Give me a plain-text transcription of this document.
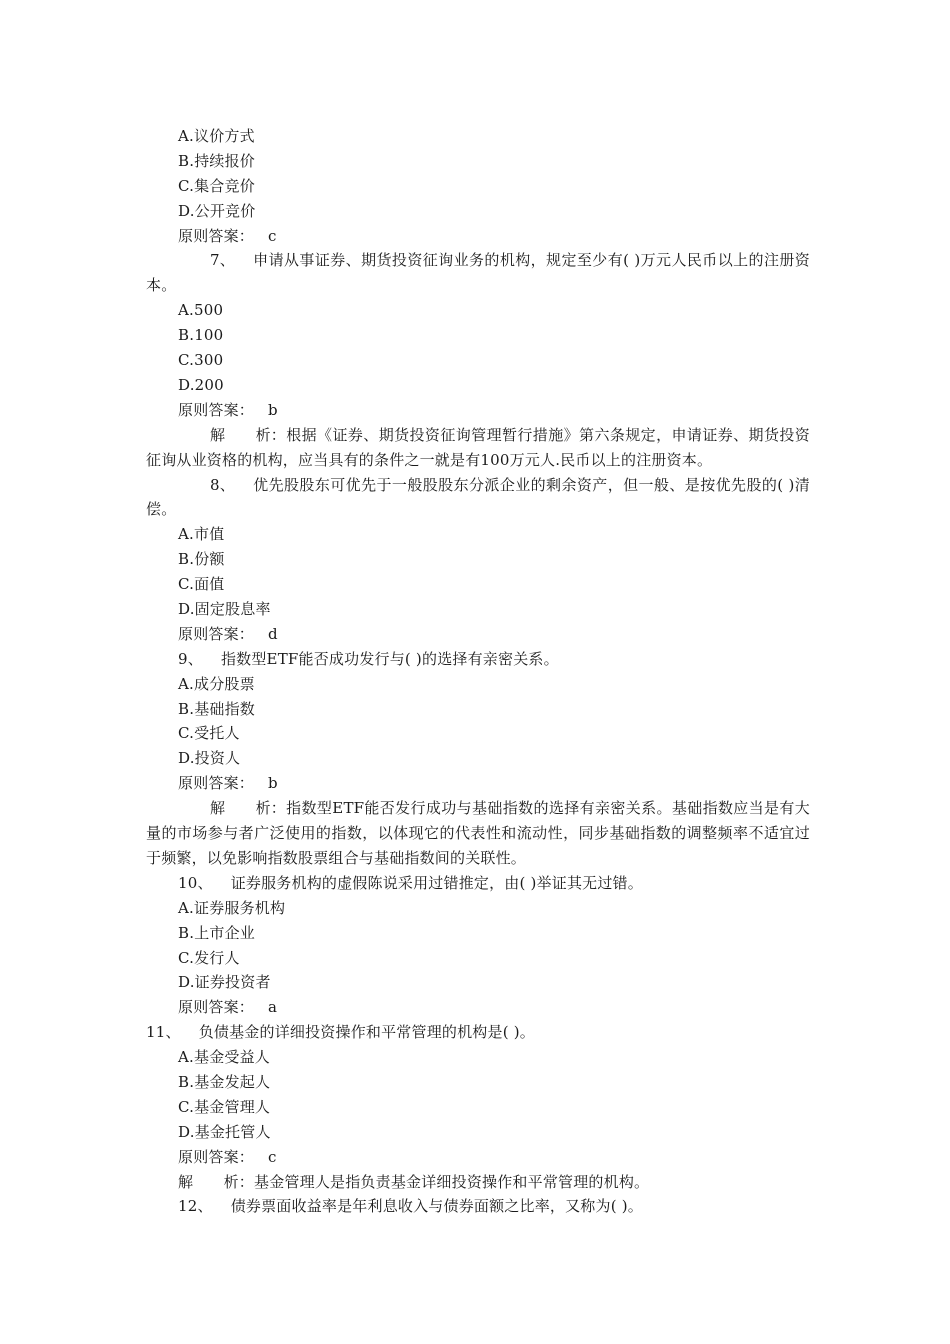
A.议价方式
B.持续报价
C.集合竞价
D.公开竞价
原则答案： c
7、 申请从事证券、期货投资征询业务的机构，规定至少有( )万元人民币以上的注册资本。
A.500
B.100
C.300
D.200
原则答案： b
解　　析：根据《证券、期货投资征询管理暂行措施》第六条规定，申请证券、期货投资征询从业资格的机构，应当具有的条件之一就是有100万元人.民币以上的注册资本。
8、 优先股股东可优先于一般股股东分派企业的剩余资产，但一般、是按优先股的( )清偿。
A.市值
B.份额
C.面值
D.固定股息率
原则答案： d
9、 指数型ETF能否成功发行与( )的选择有亲密关系。
A.成分股票
B.基础指数
C.受托人
D.投资人
原则答案： b
解　　析：指数型ETF能否发行成功与基础指数的选择有亲密关系。基础指数应当是有大量的市场参与者广泛使用的指数，以体现它的代表性和流动性，同步基础指数的调整频率不适宜过于频繁，以免影响指数股票组合与基础指数间的关联性。
10、 证券服务机构的虚假陈说采用过错推定，由( )举证其无过错。
A.证券服务机构
B.上市企业
C.发行人
D.证券投资者
原则答案： a
11、 负债基金的详细投资操作和平常管理的机构是( )。
A.基金受益人
B.基金发起人
C.基金管理人
D.基金托管人
原则答案： c
解　　析：基金管理人是指负责基金详细投资操作和平常管理的机构。
12、 债券票面收益率是年利息收入与债券面额之比率，又称为( )。
